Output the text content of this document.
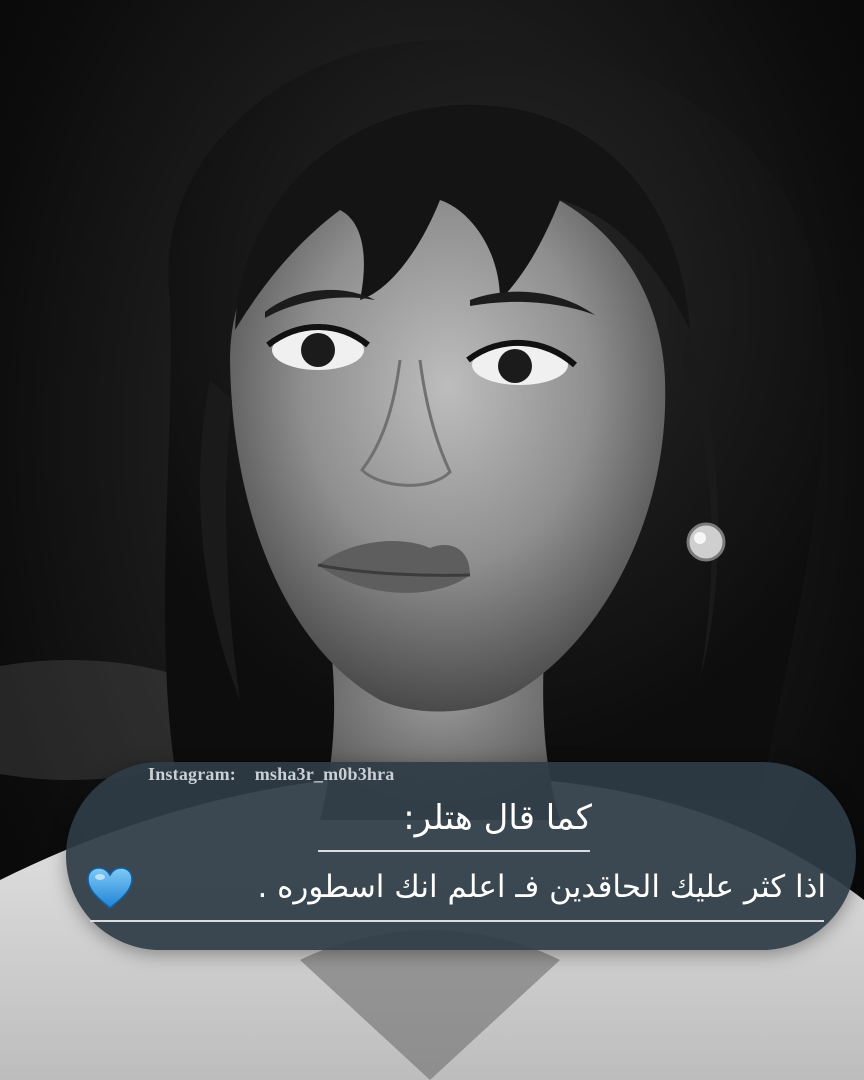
Instagram: msha3r_m0b3hra
كما قال هتلر:
اذا كثر عليك الحاقدين فـ اعلم انك اسطوره .
